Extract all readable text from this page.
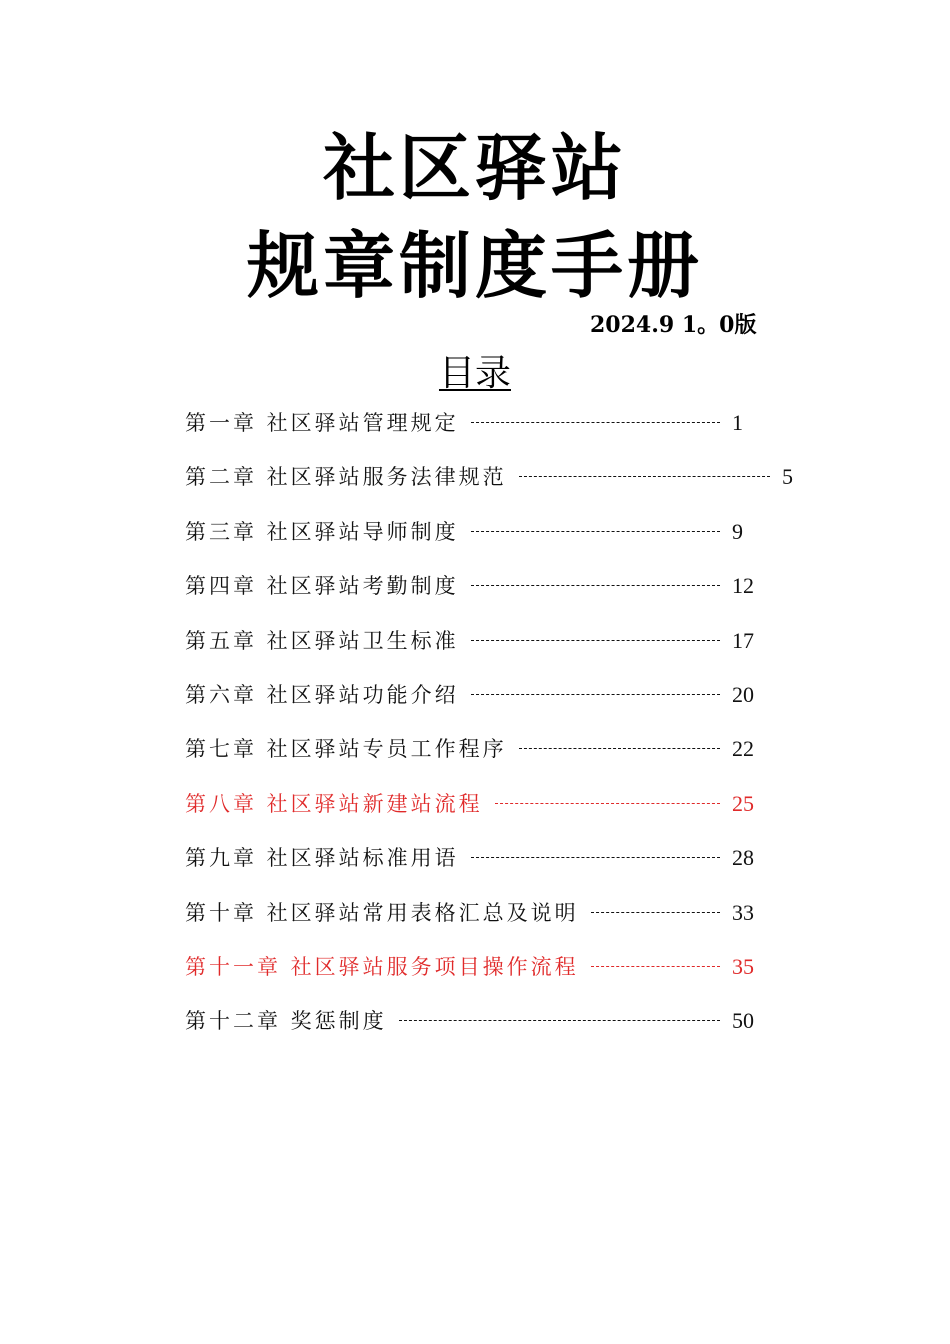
社区驿站
规章制度手册
2024.9 1。0版
目录
第一章 社区驿站管理规定	1
第二章 社区驿站服务法律规范	5
第三章 社区驿站导师制度	9
第四章 社区驿站考勤制度	12
第五章 社区驿站卫生标准	17
第六章 社区驿站功能介绍	20
第七章 社区驿站专员工作程序	22
第八章 社区驿站新建站流程	25
第九章 社区驿站标准用语	28
第十章 社区驿站常用表格汇总及说明	33
第十一章 社区驿站服务项目操作流程	35
第十二章 奖惩制度	50
